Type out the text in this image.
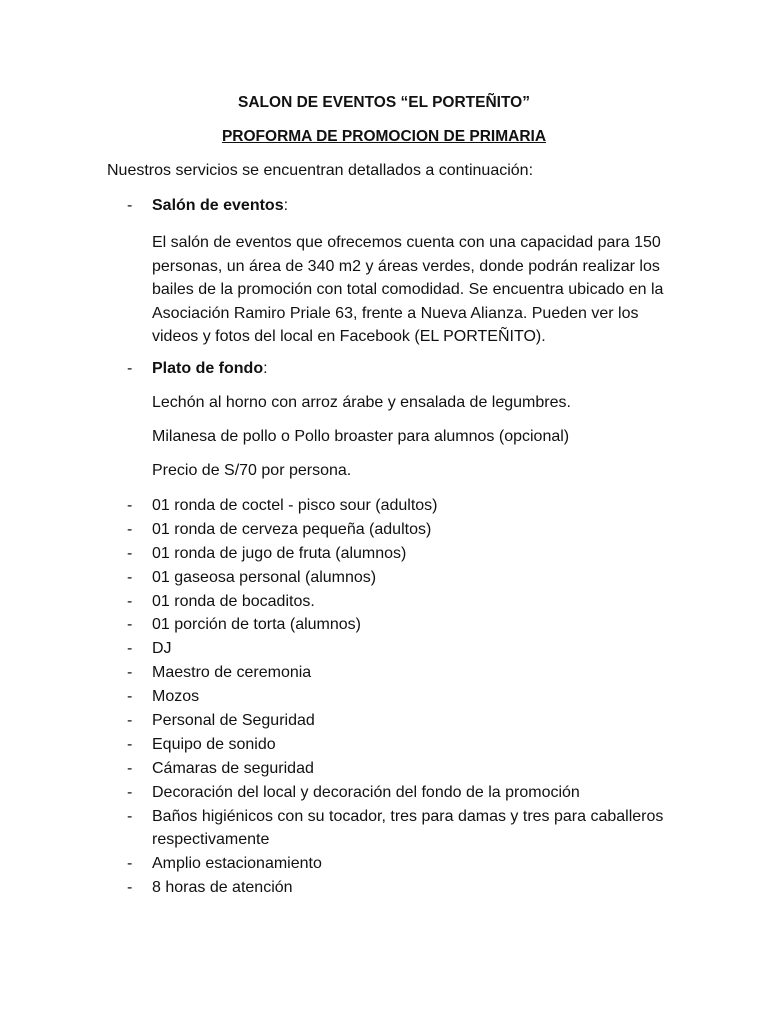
SALON DE EVENTOS “EL PORTEÑITO”
PROFORMA DE PROMOCION DE PRIMARIA
Nuestros servicios se encuentran detallados a continuación:
- Salón de eventos:
El salón de eventos que ofrecemos cuenta con una capacidad para 150 personas, un área de 340 m2 y áreas verdes, donde podrán realizar los bailes de la promoción con total comodidad. Se encuentra ubicado en la Asociación Ramiro Priale 63, frente a Nueva Alianza. Pueden ver los videos y fotos del local en Facebook (EL PORTEÑITO).
- Plato de fondo:
Lechón al horno con arroz árabe y ensalada de legumbres.
Milanesa de pollo o Pollo broaster para alumnos (opcional)
Precio de S/70 por persona.
- 01 ronda de coctel - pisco sour (adultos)
- 01 ronda de cerveza pequeña (adultos)
- 01 ronda de jugo de fruta (alumnos)
- 01 gaseosa personal (alumnos)
- 01 ronda de bocaditos.
- 01 porción de torta (alumnos)
- DJ
- Maestro de ceremonia
- Mozos
- Personal de Seguridad
- Equipo de sonido
- Cámaras de seguridad
- Decoración del local y decoración del fondo de la promoción
- Baños higiénicos con su tocador, tres para damas y tres para caballeros respectivamente
- Amplio estacionamiento
- 8 horas de atención
